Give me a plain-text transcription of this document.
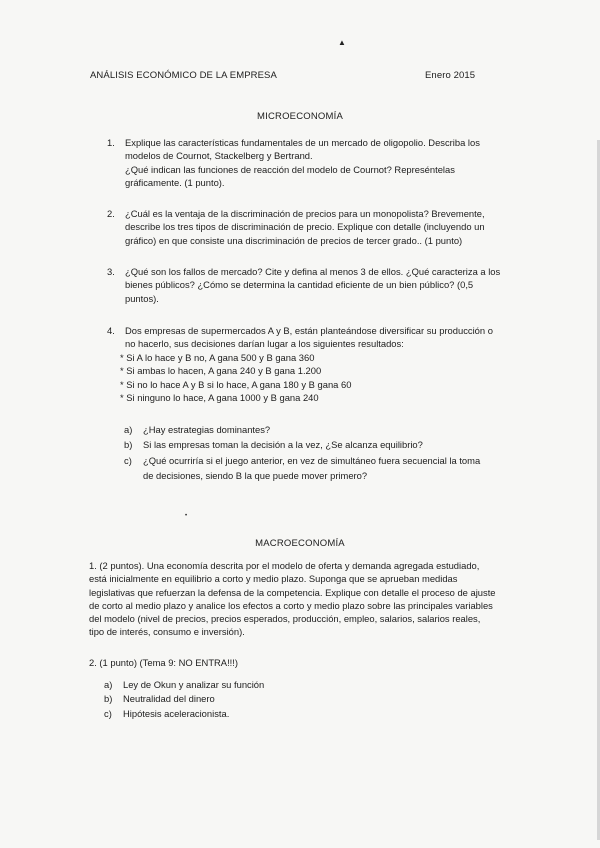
▲
•
ANÁLISIS ECONÓMICO DE LA EMPRESA	Enero 2015
MICROECONOMÍA
1. Explique las características fundamentales de un mercado de oligopolio. Describa los
modelos de Cournot, Stackelberg y Bertrand.
¿Qué indican las funciones de reacción del modelo de Cournot? Represéntelas
gráficamente. (1 punto).
2. ¿Cuál es la ventaja de la discriminación de precios para un monopolista? Brevemente,
describe los tres tipos de discriminación de precio. Explique con detalle (incluyendo un
gráfico) en que consiste una discriminación de precios de tercer grado.. (1 punto)
3. ¿Qué son los fallos de mercado? Cite y defina al menos 3 de ellos. ¿Qué caracteriza a los
bienes públicos? ¿Cómo se determina la cantidad eficiente de un bien público? (0,5
puntos).
4. Dos empresas de supermercados A y B, están planteándose diversificar su producción o
no hacerlo, sus decisiones darían lugar a los siguientes resultados:
* Si A lo hace y B no, A gana 500 y B gana 360
* Si ambas lo hacen, A gana 240 y B gana 1.200
* Si no lo hace A y B si lo hace, A gana 180 y B gana 60
* Si ninguno lo hace, A gana 1000 y B gana 240
a) ¿Hay estrategias dominantes?
b) Si las empresas toman la decisión a la vez, ¿Se alcanza equilibrio?
c) ¿Qué ocurriría si el juego anterior, en vez de simultáneo fuera secuencial la toma
de decisiones, siendo B la que puede mover primero?
MACROECONOMÍA
1. (2 puntos). Una economía descrita por el modelo de oferta y demanda agregada estudiado,
está inicialmente en equilibrio a corto y medio plazo. Suponga que se aprueban medidas
legislativas que refuerzan la defensa de la competencia. Explique con detalle el proceso de ajuste
de corto al medio plazo y analice los efectos a corto y medio plazo sobre las principales variables
del modelo (nivel de precios, precios esperados, producción, empleo, salarios, salarios reales,
tipo de interés, consumo e inversión).
2. (1 punto) (Tema 9: NO ENTRA!!!)
a) Ley de Okun y analizar su función
b) Neutralidad del dinero
c) Hipótesis aceleracionista.
